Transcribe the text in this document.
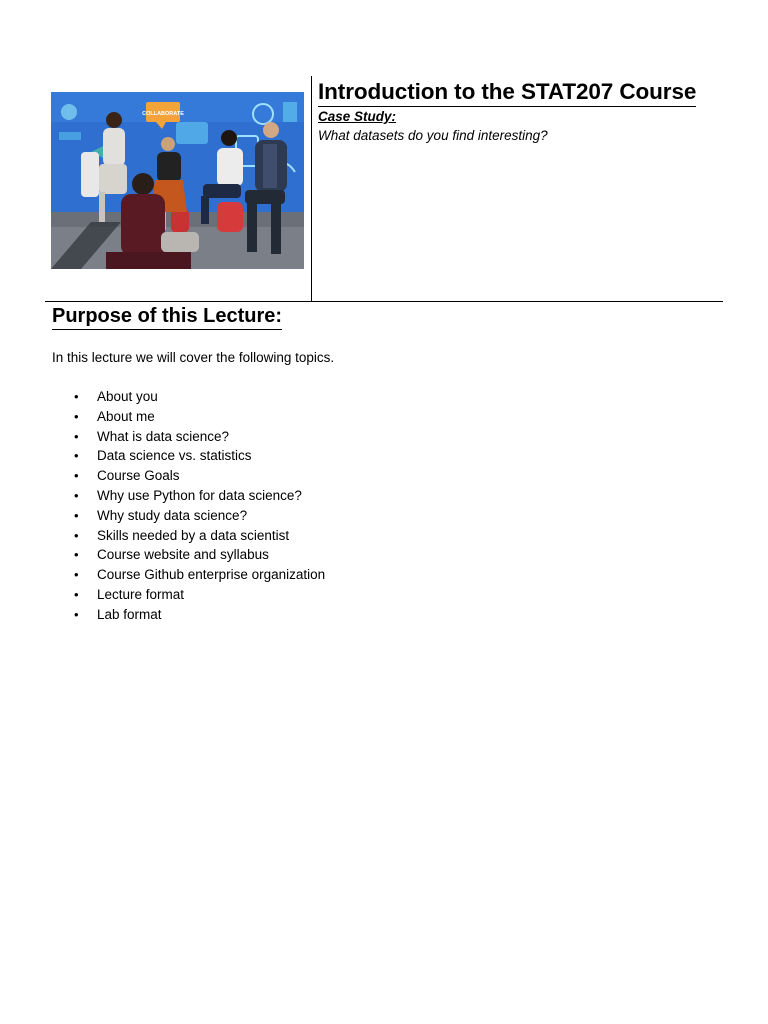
COLLABORATE
Introduction to the STAT207 Course
Case Study:
What datasets do you find interesting?
Purpose of this Lecture:
In this lecture we will cover the following topics.
•	About you
•	About me
•	What is data science?
•	Data science vs. statistics
•	Course Goals
•	Why use Python for data science?
•	Why study data science?
•	Skills needed by a data scientist
•	Course website and syllabus
•	Course Github enterprise organization
•	Lecture format
•	Lab format
